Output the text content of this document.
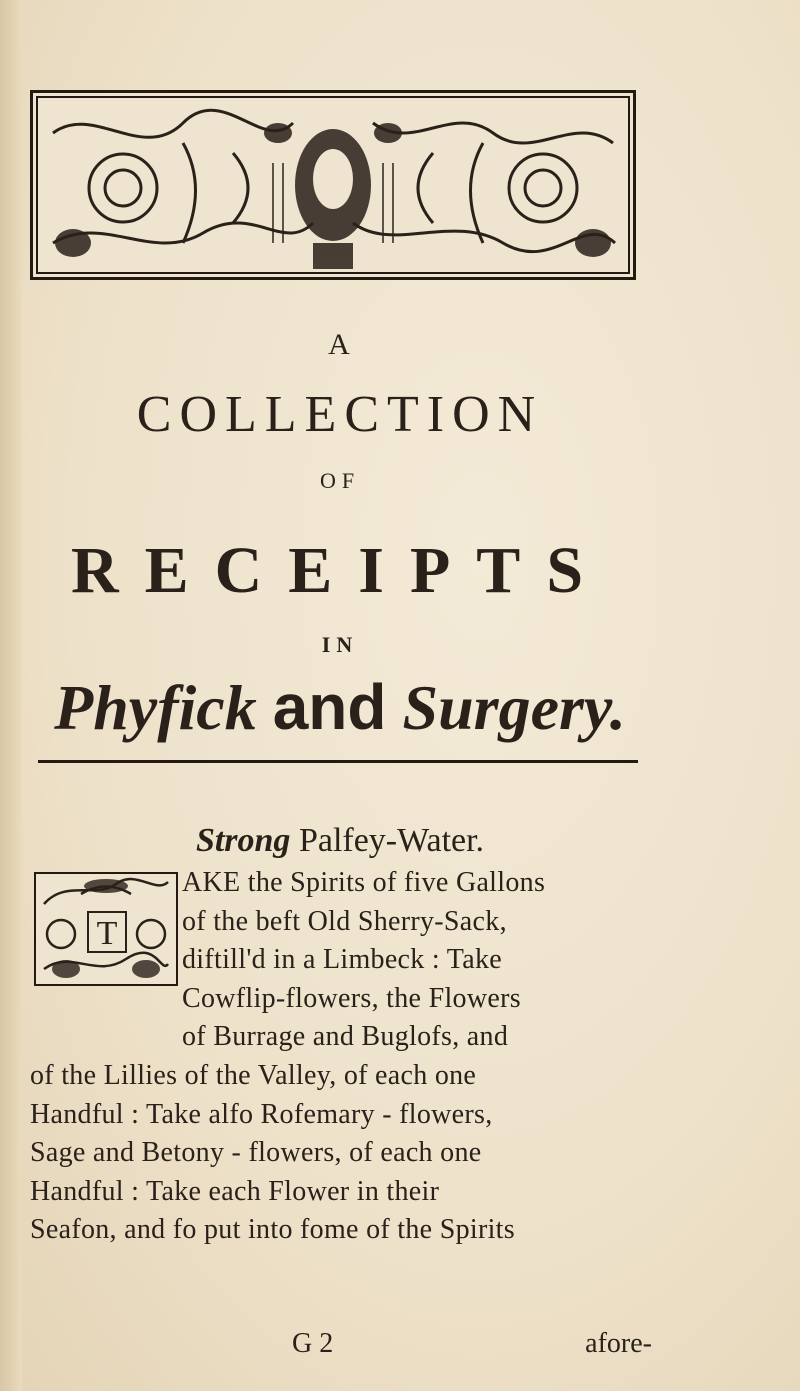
A
COLLECTION
OF
RECEIPTS
IN
Phyfick and Surgery.
Strong Palfey-Water.
AKE the Spirits of five Gallons
of the beft Old Sherry-Sack,
diftill'd in a Limbeck : Take
Cowflip-flowers, the Flowers
of Burrage and Buglofs, and
of the Lillies of the Valley, of each one
Handful : Take alfo Rofemary - flowers,
Sage and Betony - flowers, of each one
Handful : Take each Flower in their
Seafon, and fo put into fome of the Spirits
T
G 2	afore-
